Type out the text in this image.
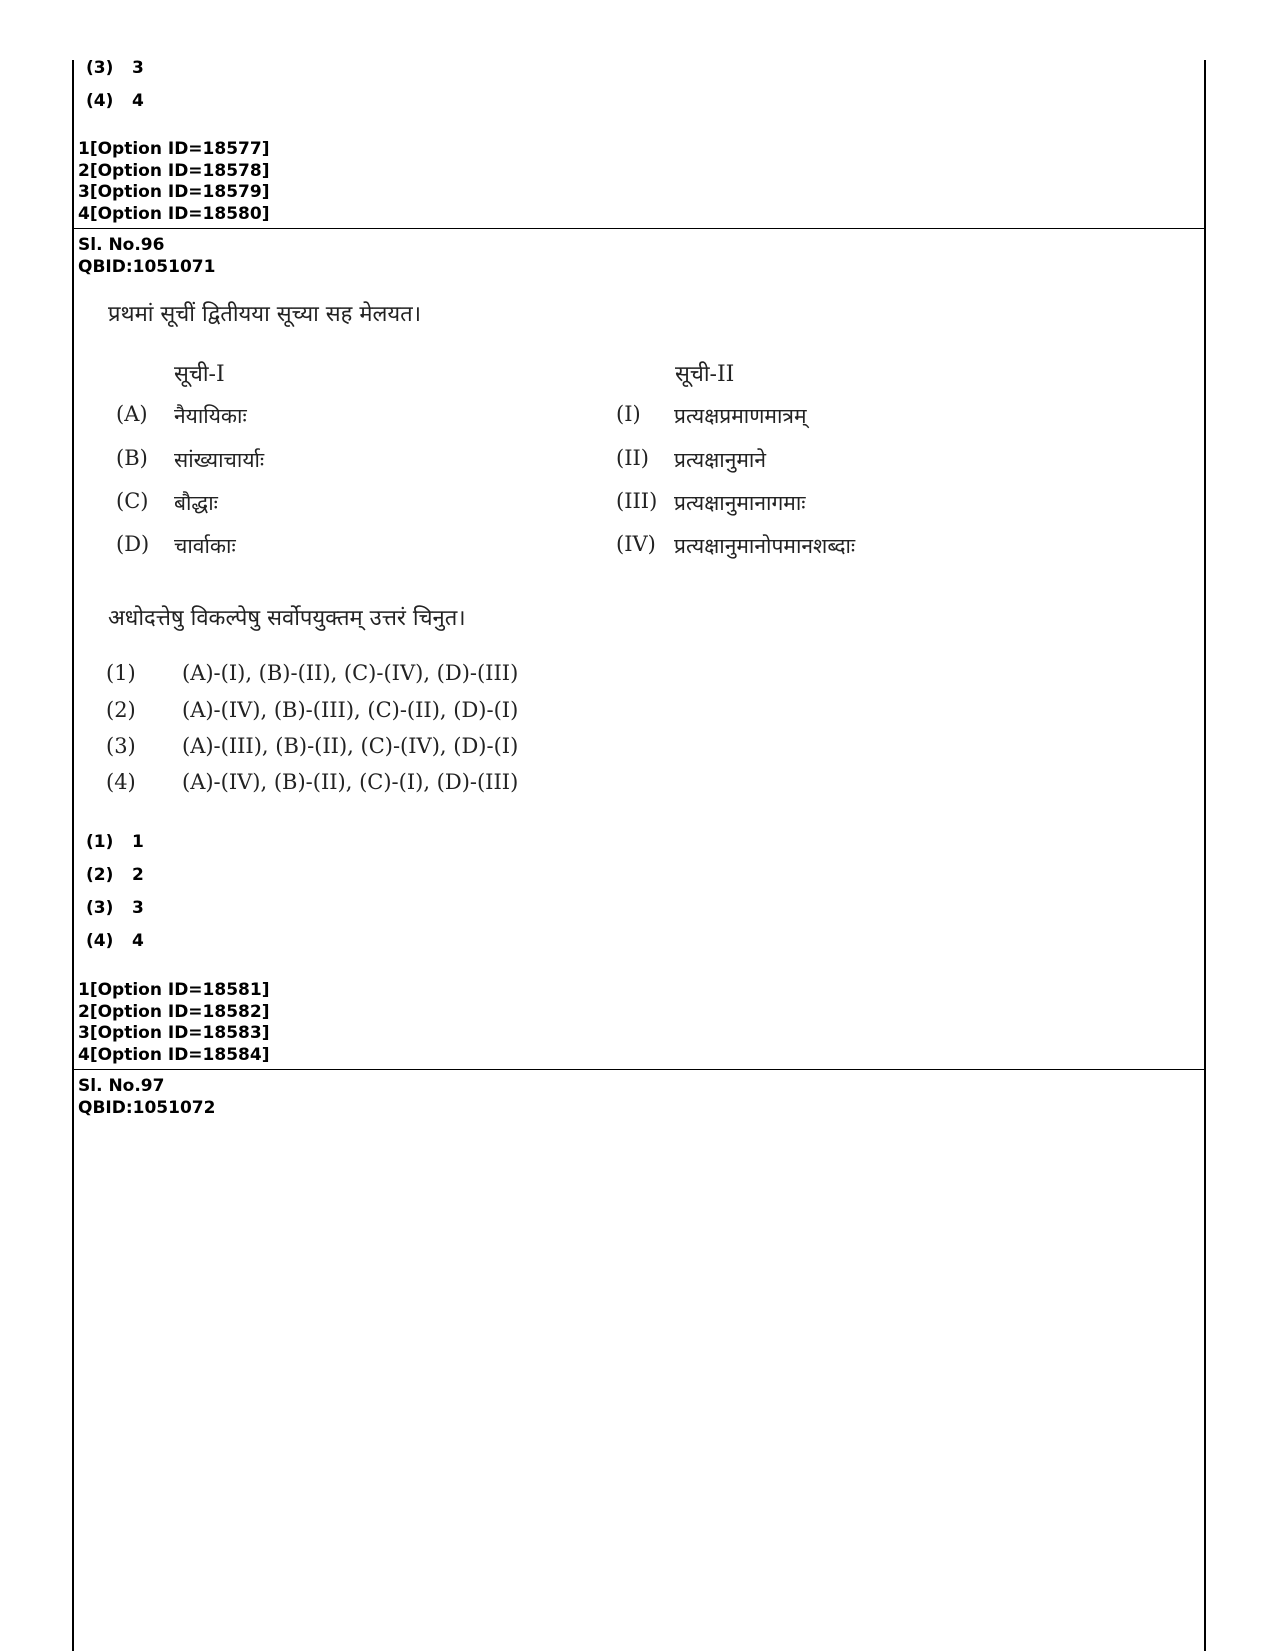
(3) 3
(4) 4
1[Option ID=18577]
2[Option ID=18578]
3[Option ID=18579]
4[Option ID=18580]
Sl. No.96
QBID:1051071
प्रथमां सूचीं द्वितीयया सूच्या सह मेलयत।
सूची-I	सूची-II
(A) नैयायिकाः
(B) सांख्याचार्याः
(C) बौद्धाः
(D) चार्वाकाः
(I) प्रत्यक्षप्रमाणमात्रम्
(II) प्रत्यक्षानुमाने
(III) प्रत्यक्षानुमानागमाः
(IV) प्रत्यक्षानुमानोपमानशब्दाः
अधोदत्तेषु विकल्पेषु सर्वोपयुक्तम् उत्तरं चिनुत।
(1) (A)-(I), (B)-(II), (C)-(IV), (D)-(III)
(2) (A)-(IV), (B)-(III), (C)-(II), (D)-(I)
(3) (A)-(III), (B)-(II), (C)-(IV), (D)-(I)
(4) (A)-(IV), (B)-(II), (C)-(I), (D)-(III)
(1) 1
(2) 2
(3) 3
(4) 4
1[Option ID=18581]
2[Option ID=18582]
3[Option ID=18583]
4[Option ID=18584]
Sl. No.97
QBID:1051072
